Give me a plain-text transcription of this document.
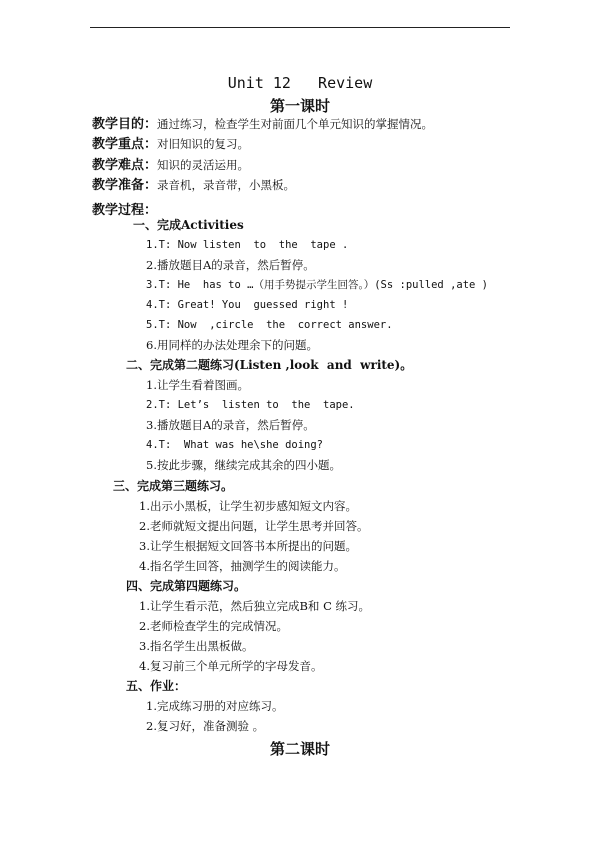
Unit 12   Review
第一课时
教学目的：通过练习，检查学生对前面几个单元知识的掌握情况。
教学重点：对旧知识的复习。
教学难点：知识的灵活运用。
教学准备：录音机，录音带，小黑板。
教学过程：
一、完成Activities
1.T: Now listen  to  the  tape .
2.播放题目A的录音，然后暂停。
3.T: He  has to …（用手势提示学生回答。）(Ss :pulled ,ate )
4.T: Great! You  guessed right !
5.T: Now  ,circle  the  correct answer.
6.用同样的办法处理余下的问题。
二、完成第二题练习(Listen ,look  and  write)。
1.让学生看着图画。
2.T: Let’s  listen to  the  tape.
3.播放题目A的录音，然后暂停。
4.T:  What was he\she doing?
5.按此步骤，继续完成其余的四小题。
三、完成第三题练习。
1.出示小黑板，让学生初步感知短文内容。
2.老师就短文提出问题，让学生思考并回答。
3.让学生根据短文回答书本所提出的问题。
4.指名学生回答，抽测学生的阅读能力。
四、完成第四题练习。
1.让学生看示范，然后独立完成B和 C 练习。
2.老师检查学生的完成情况。
3.指名学生出黑板做。
4.复习前三个单元所学的字母发音。
五、作业：
1.完成练习册的对应练习。
2.复习好，准备测验 。
第二课时
